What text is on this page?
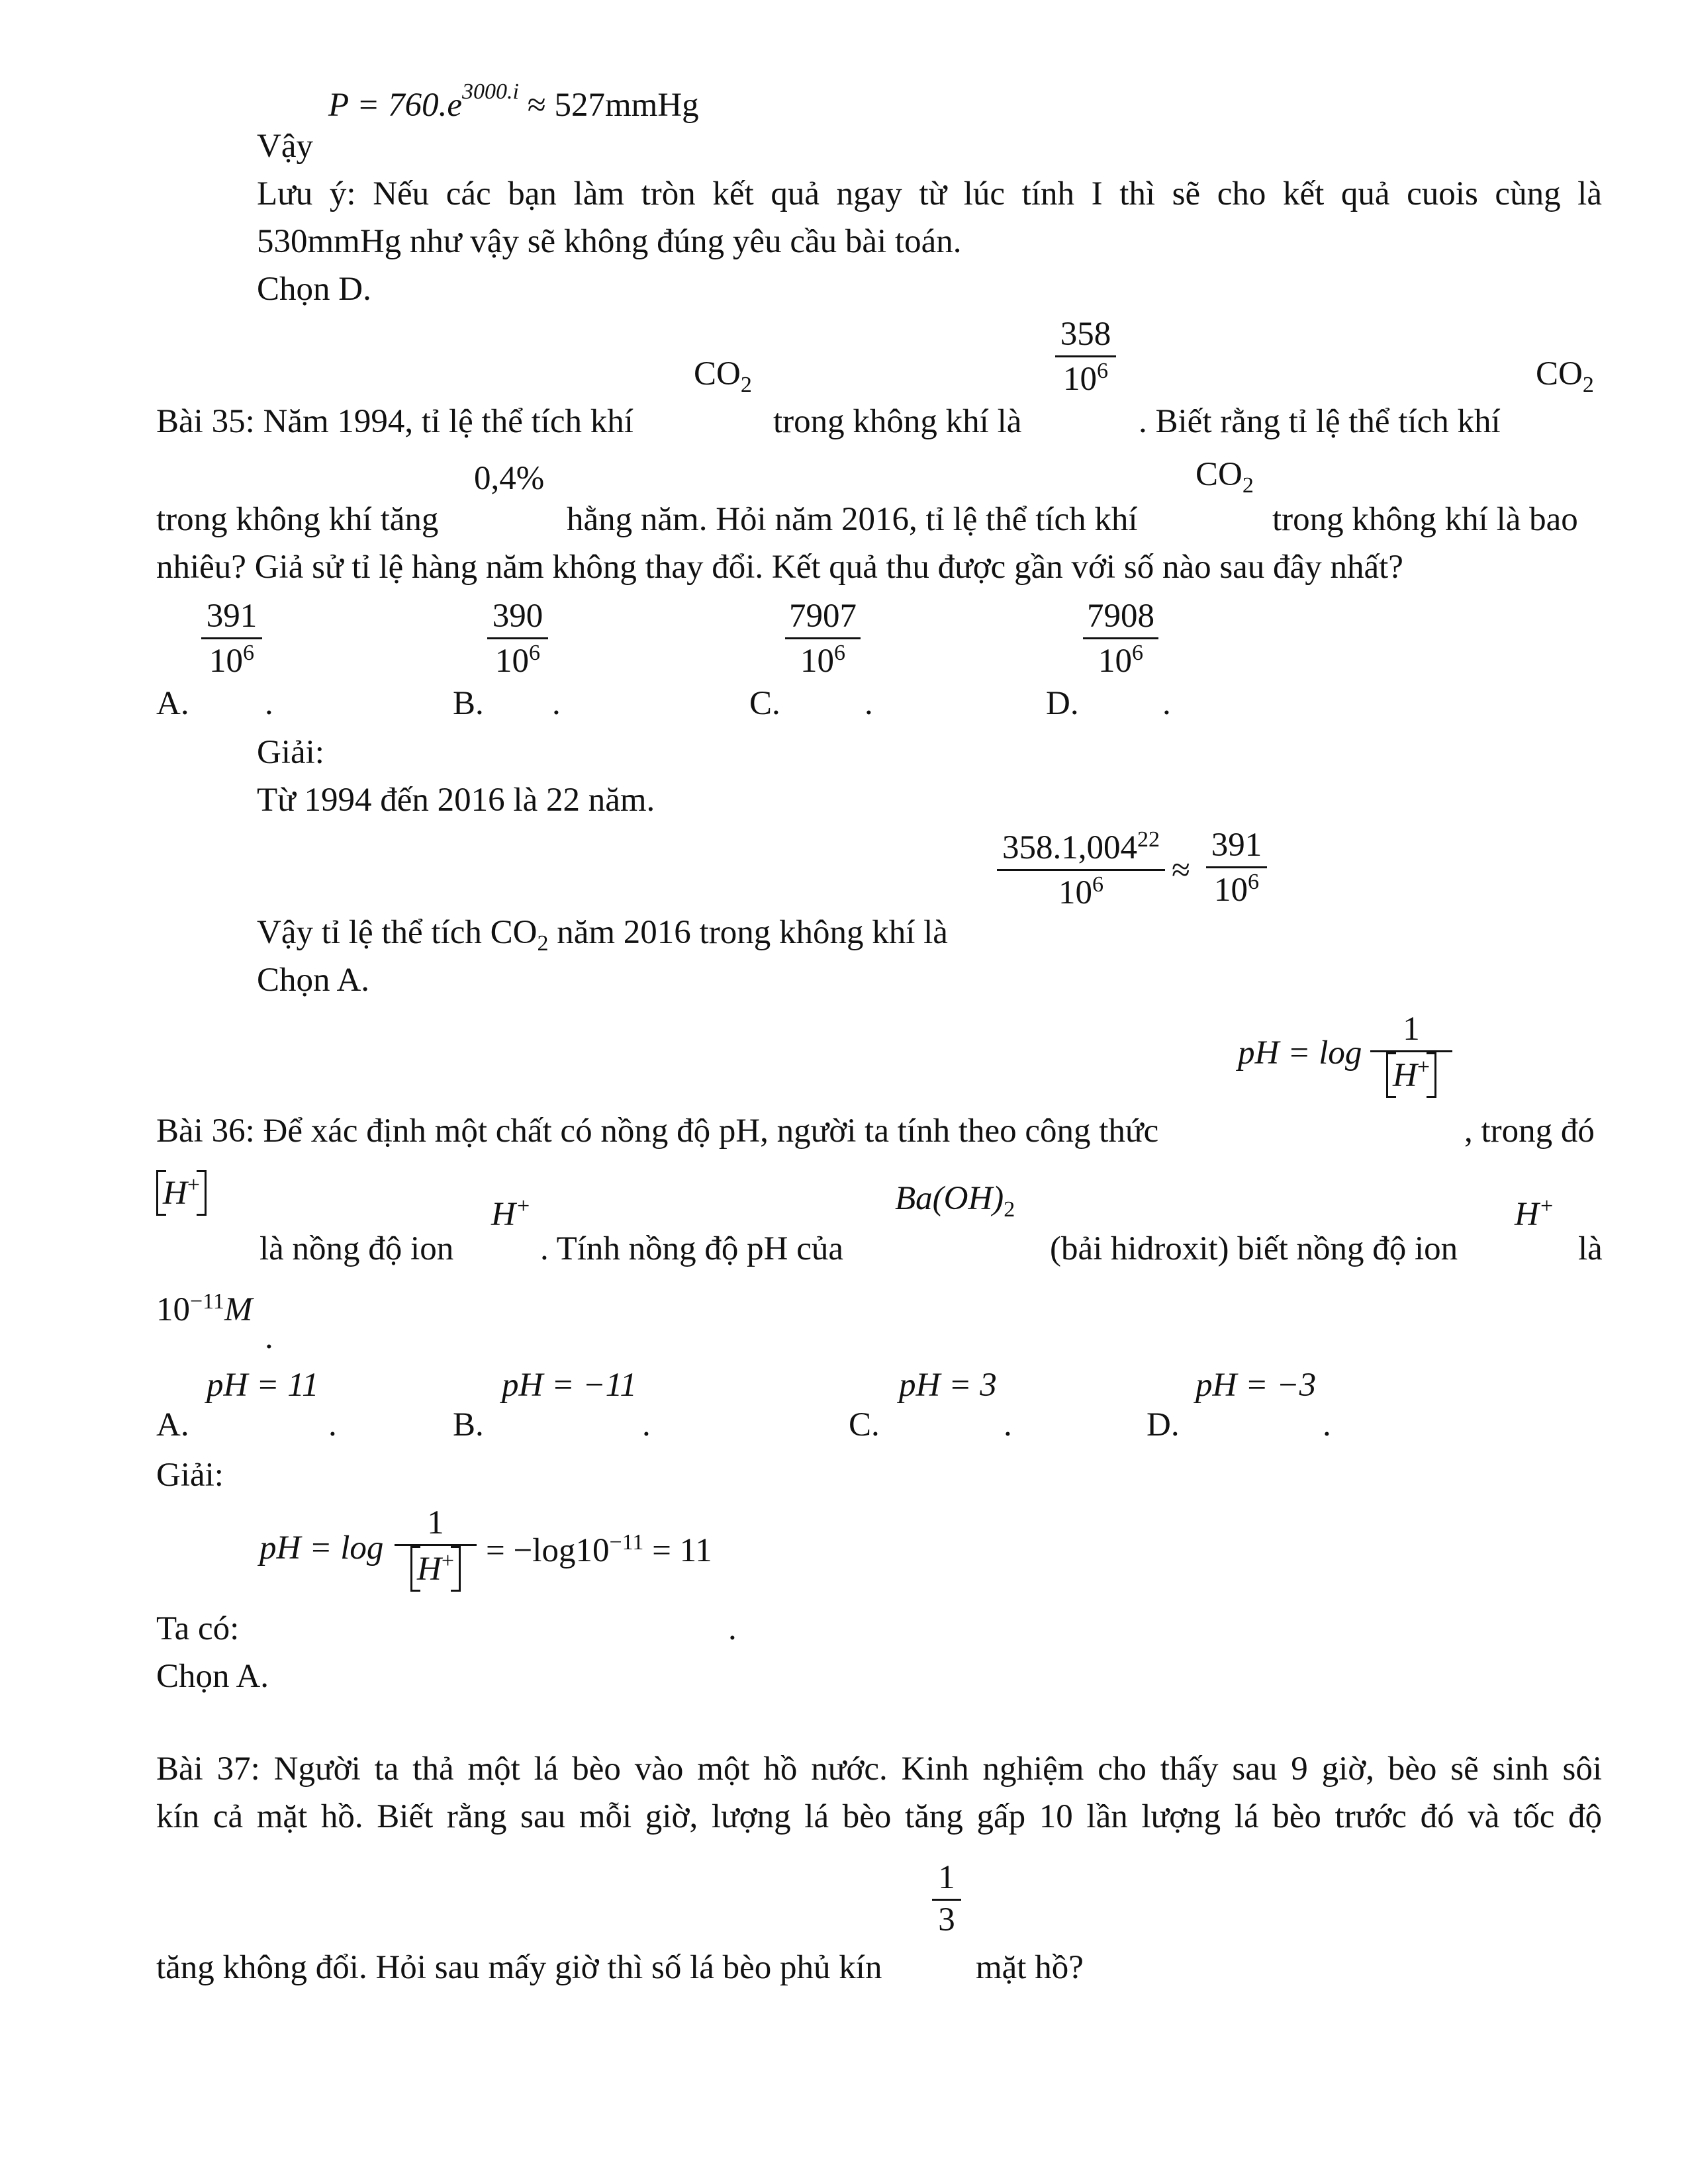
$P = 760.e^{3000.i}$ ≈ 527mmHg
Vậy
Lưu ý: Nếu các bạn làm tròn kết quả ngay từ lúc tính I thì sẽ cho kết quả cuois cùng là
530mmHg như vậy sẽ không đúng yêu cầu bài toán.
Chọn D.
$CO_2$
358
$10^6$	$CO_2$
Bài 35: Năm 1994, tỉ lệ thể tích khí	trong không khí là	. Biết rằng tỉ lệ thể tích khí
0,4%	$CO_2$
trong không khí tăng	hằng năm. Hỏi năm 2016, tỉ lệ thể tích khí	trong không khí là bao
nhiêu? Giả sử tỉ lệ hàng năm không thay đổi. Kết quả thu được gần với số nào sau đây nhất?
391
$10^6$
A. .
390
$10^6$
B. .
7907
$10^6$
C. .
7908
$10^6$
D. .
Giải:
Từ 1994 đến 2016 là 22 năm.
358.1,004$^{22}$
$10^6$	≈
391
$10^6$
Vậy tỉ lệ thể tích $CO_2$ năm 2016 trong không khí là
Chọn A.
pH = log
1
H+
Bài 36: Để xác định một chất có nồng độ pH, người ta tính theo công thức	, trong đó
H+
H+	$Ba(OH)_2$	H+
là nồng độ ion	. Tính nồng độ pH của	(bải hidroxit) biết nồng độ ion	là
$10^{-11}M$
.
pH = 11
A.	.
pH = −11
B.	.
pH = 3
C.	.
pH = −3
D.	.
Giải:
pH = log
1
$H^+ = -\log 10^{-11} = 11$
Ta có:	.
Chọn A.
Bài 37: Người ta thả một lá bèo vào một hồ nước. Kinh nghiệm cho thấy sau 9 giờ, bèo sẽ sinh sôi
kín cả mặt hồ. Biết rằng sau mỗi giờ, lượng lá bèo tăng gấp 10 lần lượng lá bèo trước đó và tốc độ
1
3
tăng không đổi. Hỏi sau mấy giờ thì số lá bèo phủ kín	mặt hồ?
